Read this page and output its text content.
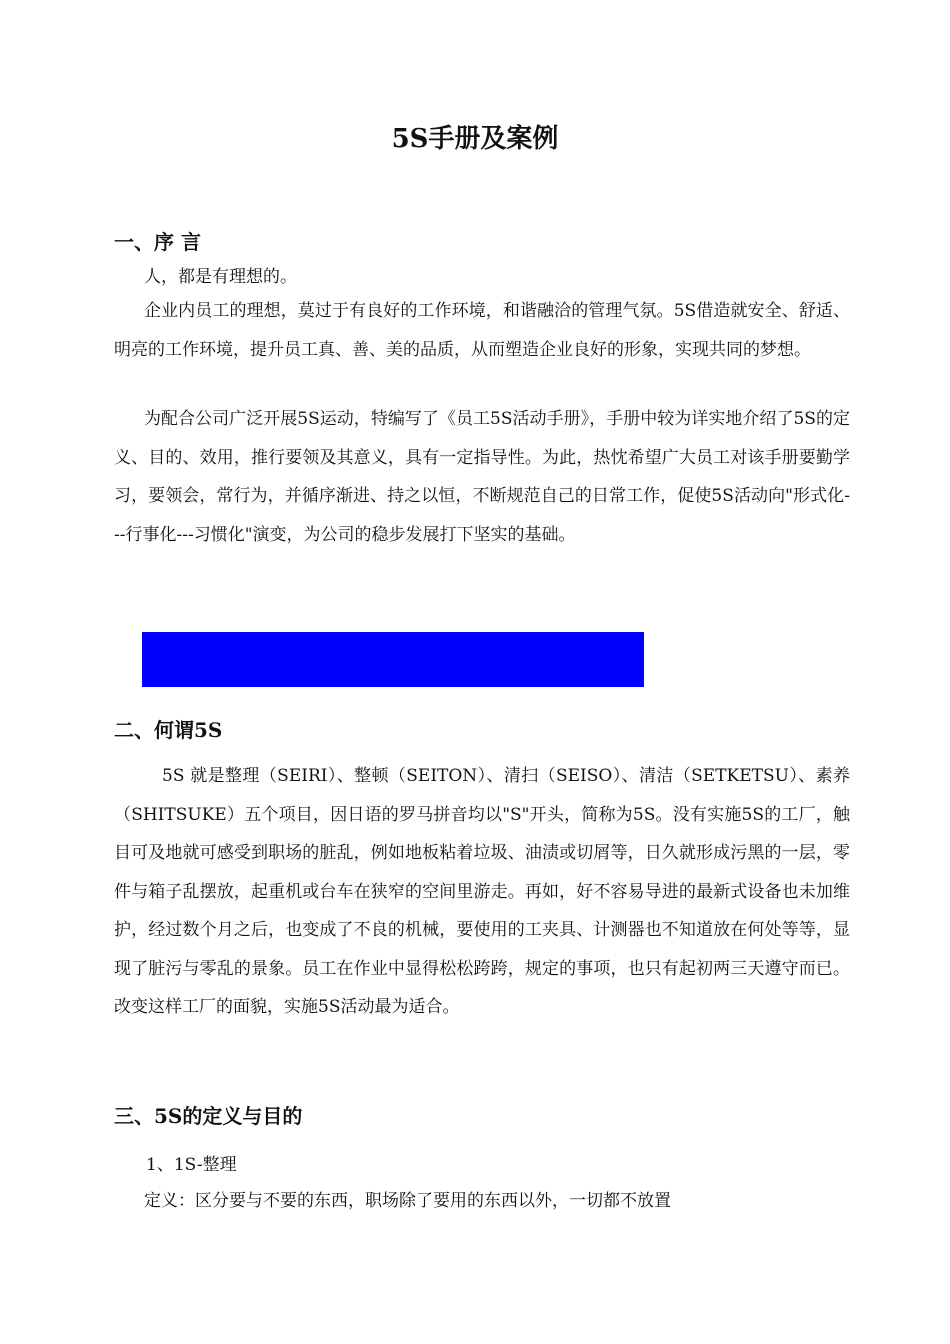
5S手册及案例
一、序 言

人，都是有理想的。

企业内员工的理想，莫过于有良好的工作环境，和谐融洽的管理气氛。5S借造就安全、舒适、明亮的工作环境，提升员工真、善、美的品质，从而塑造企业良好的形象，实现共同的梦想。

为配合公司广泛开展5S运动，特编写了《员工5S活动手册》，手册中较为详实地介绍了5S的定义、目的、效用，推行要领及其意义，具有一定指导性。为此，热忱希望广大员工对该手册要勤学习，要领会，常行为，并循序渐进、持之以恒，不断规范自己的日常工作，促使5S活动向"形式化---行事化---习惯化"演变，为公司的稳步发展打下坚实的基础。

二、何谓5S

5S 就是整理（SEIRI）、整顿（SEITON）、清扫（SEISO）、清洁（SETKETSU）、素养（SHITSUKE）五个项目，因日语的罗马拼音均以"S"开头，简称为5S。没有实施5S的工厂，触目可及地就可感受到职场的脏乱，例如地板粘着垃圾、油渍或切屑等，日久就形成污黑的一层，零件与箱子乱摆放，起重机或台车在狭窄的空间里游走。再如，好不容易导进的最新式设备也未加维护，经过数个月之后，也变成了不良的机械，要使用的工夹具、计测器也不知道放在何处等等，显现了脏污与零乱的景象。员工在作业中显得松松跨跨，规定的事项，也只有起初两三天遵守而已。改变这样工厂的面貌，实施5S活动最为适合。

三、5S的定义与目的

1、1S-整理

定义：区分要与不要的东西，职场除了要用的东西以外，一切都不放置
